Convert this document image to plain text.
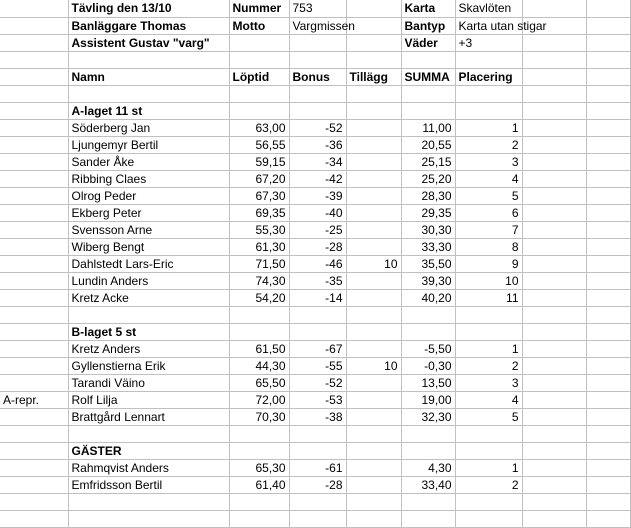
	Tävling den 13/10	Nummer	753		Karta	Skavlöten		
	Banläggare Thomas	Motto	Vargmissen		Bantyp	Karta utan stigar		
	Assistent Gustav "varg"				Väder	+3		

	Namn	Löptid	Bonus	Tillägg	SUMMA	Placering		

	A-laget 11 st							
	Söderberg Jan	63,00	-52		11,00	1		
	Ljungemyr Bertil	56,55	-36		20,55	2		
	Sander Åke	59,15	-34		25,15	3		
	Ribbing Claes	67,20	-42		25,20	4		
	Olrog Peder	67,30	-39		28,30	5		
	Ekberg Peter	69,35	-40		29,35	6		
	Svensson Arne	55,30	-25		30,30	7		
	Wiberg Bengt	61,30	-28		33,30	8		
	Dahlstedt Lars-Eric	71,50	-46	10	35,50	9		
	Lundin Anders	74,30	-35		39,30	10		
	Kretz Acke	54,20	-14		40,20	11		

	B-laget 5 st							
	Kretz Anders	61,50	-67		-5,50	1		
	Gyllenstierna Erik	44,30	-55	10	-0,30	2		
	Tarandi Väino	65,50	-52		13,50	3		
A-repr.	Rolf Lilja	72,00	-53		19,00	4		
	Brattgård Lennart	70,30	-38		32,30	5		

	GÄSTER							
	Rahmqvist Anders	65,30	-61		4,30	1		
	Emfridsson Bertil	61,40	-28		33,40	2		
